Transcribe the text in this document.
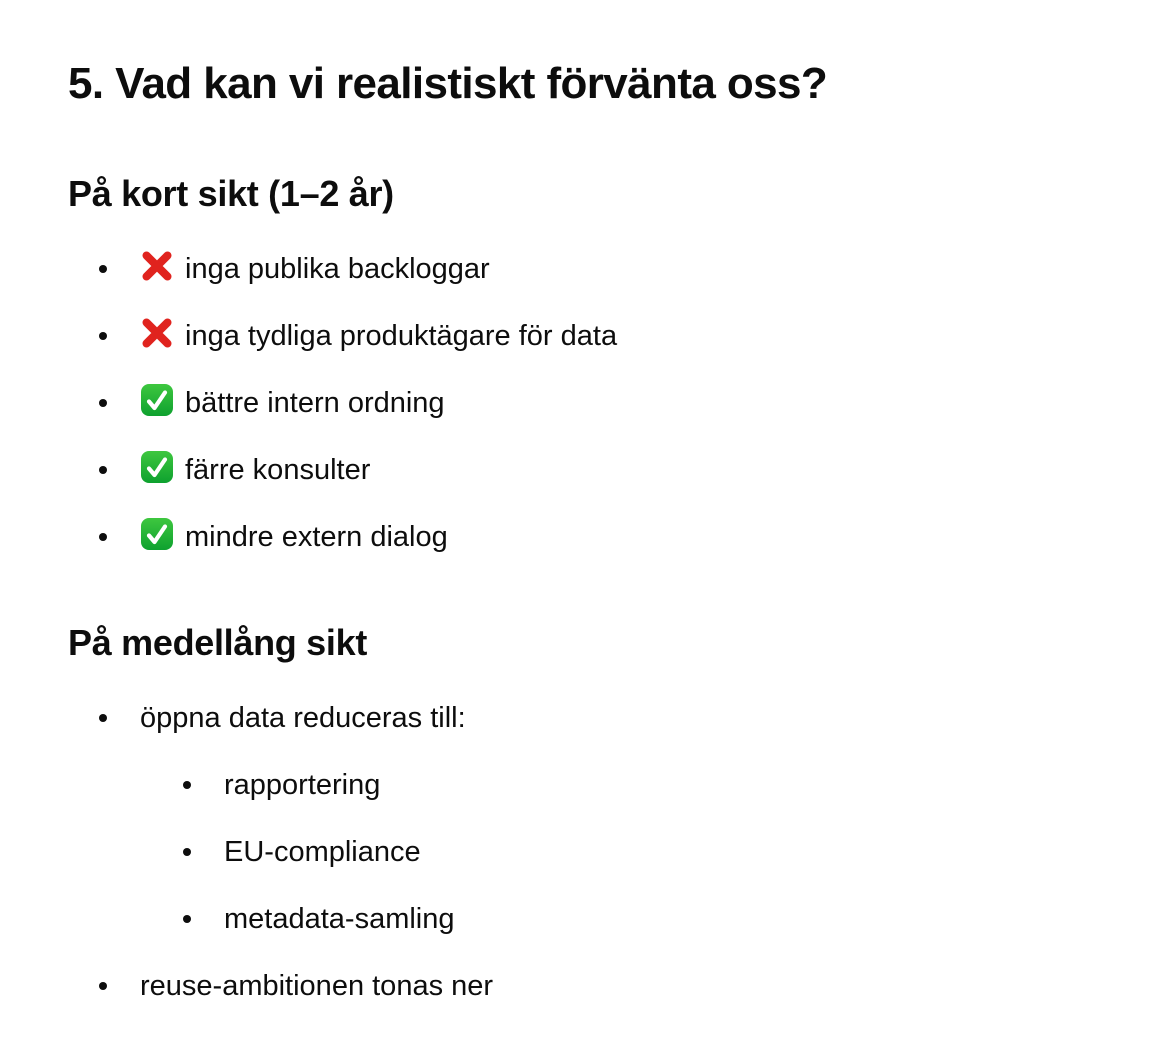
5. Vad kan vi realistiskt förvänta oss?
På kort sikt (1–2 år)
inga publika backloggar
inga tydliga produktägare för data
bättre intern ordning
färre konsulter
mindre extern dialog
På medellång sikt
öppna data reduceras till:
rapportering
EU-compliance
metadata-samling
reuse-ambitionen tonas ner
